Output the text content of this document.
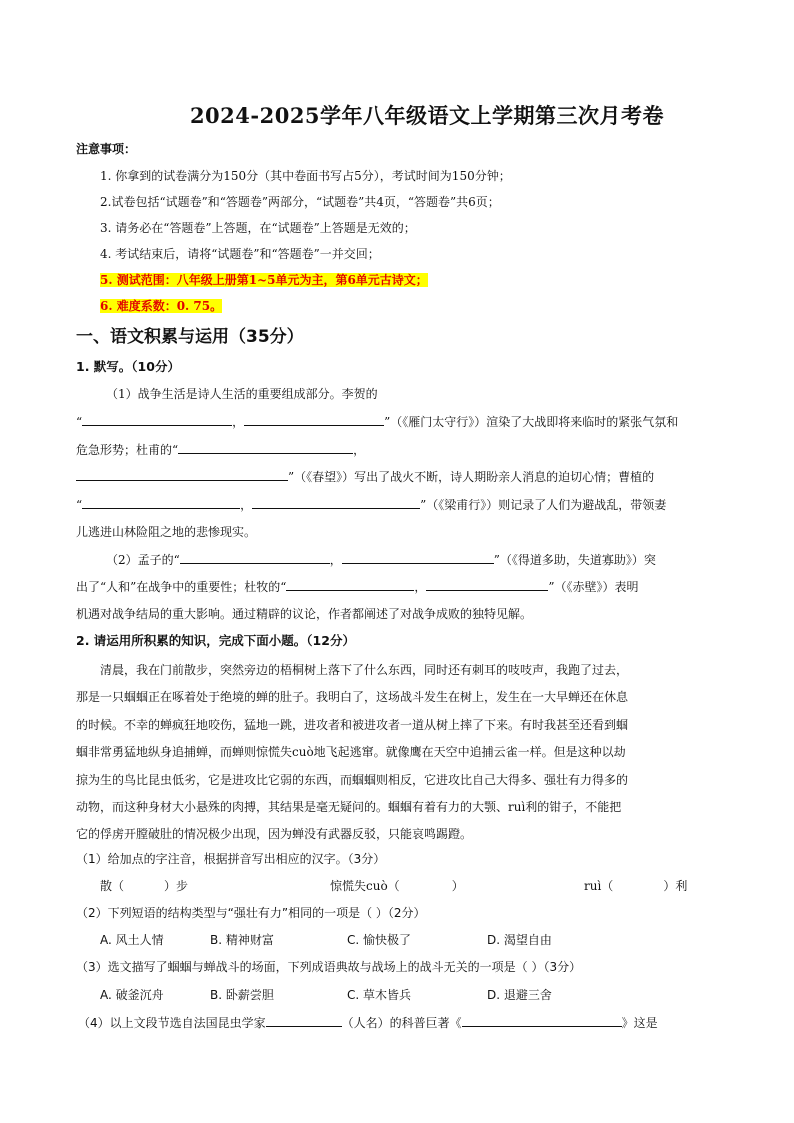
2024-2025学年八年级语文上学期第三次月考卷
注意事项：
1. 你拿到的试卷满分为150分（其中卷面书写占5分），考试时间为150分钟；
2.试卷包括“试题卷”和“答题卷”两部分，“试题卷”共4页，“答题卷”共6页；
3. 请务必在“答题卷”上答题，在“试题卷”上答题是无效的；
4. 考试结束后，请将“试题卷”和“答题卷”一并交回；
5. 测试范围：八年级上册第1~5单元为主，第6单元古诗文；
6. 难度系数：0. 75。
一、语文积累与运用（35分）
1. 默写。（10分）
（1）战争生活是诗人生活的重要组成部分。李贺的
“	，	”（《雁门太守行》）渲染了大战即将来临时的紧张气氛和
危急形势；杜甫的“	，
”（《春望》）写出了战火不断，诗人期盼亲人消息的迫切心情；曹植的
“	，	”（《梁甫行》）则记录了人们为避战乱，带领妻
儿逃进山林险阻之地的悲惨现实。
（2）孟子的“	，	”（《得道多助，失道寡助》）突
出了“人和”在战争中的重要性；杜牧的“	，	”（《赤壁》）表明
机遇对战争结局的重大影响。通过精辟的议论，作者都阐述了对战争成败的独特见解。
2. 请运用所积累的知识，完成下面小题。（12分）
清晨，我在门前散步，突然旁边的梧桐树上落下了什么东西，同时还有刺耳的吱吱声，我跑了过去，
那是一只蝈蝈正在啄着处于绝境的蝉的肚子。我明白了，这场战斗发生在树上，发生在一大早蝉还在休息
的时候。不幸的蝉疯狂地咬伤，猛地一跳，进攻者和被进攻者一道从树上摔了下来。有时我甚至还看到蝈
蝈非常勇猛地纵身追捕蝉，而蝉则惊慌失cuò地飞起逃窜。就像鹰在天空中追捕云雀一样。但是这种以劫
掠为生的鸟比昆虫低劣，它是进攻比它弱的东西，而蝈蝈则相反，它进攻比自己大得多、强壮有力得多的
动物，而这种身材大小悬殊的肉搏，其结果是毫无疑问的。蝈蝈有着有力的大颚、ruì利的钳子，不能把
它的俘虏开膛破肚的情况极少出现，因为蝉没有武器反驳，只能哀鸣踢蹬。
（1）给加点的字注音，根据拼音写出相应的汉字。（3分）
散（	）步	惊慌失cuò（	）	ruì（	）利
（2）下列短语的结构类型与“强壮有力”相同的一项是（ ）（2分）
A. 风土人情	B. 精神财富	C. 愉快极了	D. 渴望自由
（3）选文描写了蝈蝈与蝉战斗的场面，下列成语典故与战场上的战斗无关的一项是（ ）（3分）
A. 破釜沉舟	B. 卧薪尝胆	C. 草木皆兵	D. 退避三舍
（4）以上文段节选自法国昆虫学家	（人名）的科普巨著《	》这是
